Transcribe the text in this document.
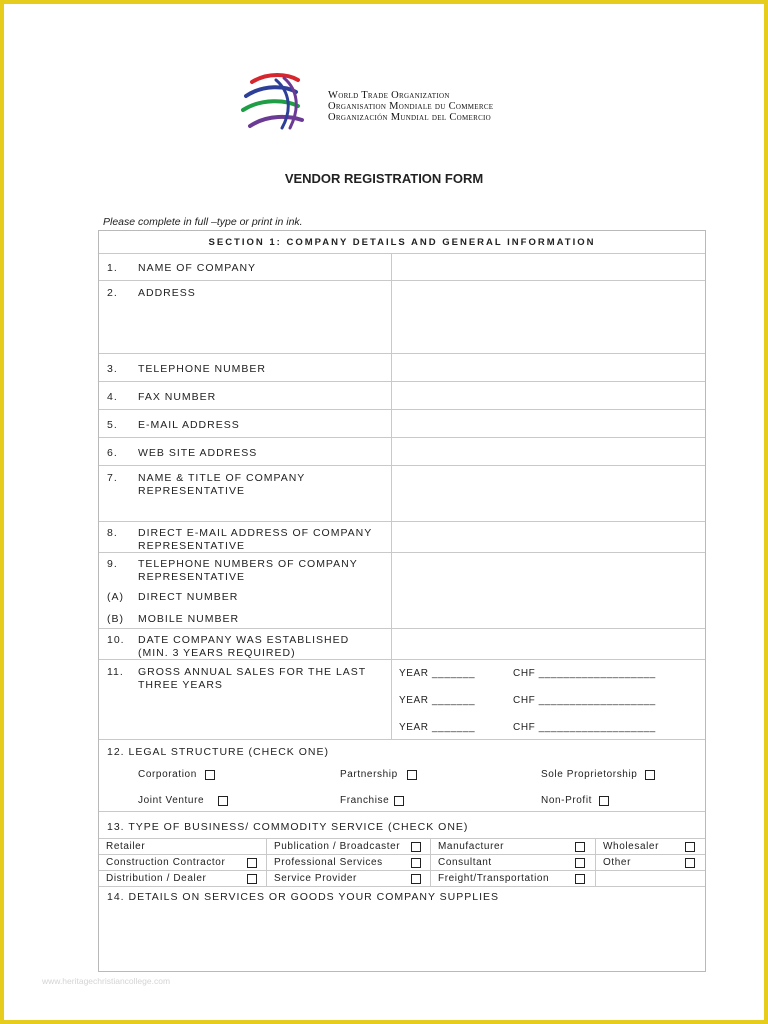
World Trade Organization
Organisation Mondiale du Commerce
Organización Mundial del Comercio
VENDOR REGISTRATION FORM
Please complete in full –type or print in ink.
SECTION 1: COMPANY DETAILS AND GENERAL INFORMATION
1. NAME OF COMPANY
2. ADDRESS
3. TELEPHONE NUMBER
4. FAX NUMBER
5. E-MAIL ADDRESS
6. WEB SITE ADDRESS
7. NAME & TITLE OF COMPANY
REPRESENTATIVE
8. DIRECT E-MAIL ADDRESS OF COMPANY
REPRESENTATIVE
9. TELEPHONE NUMBERS OF COMPANY
REPRESENTATIVE
(A) DIRECT NUMBER
(B) MOBILE NUMBER
10. DATE COMPANY WAS ESTABLISHED
(MIN. 3 YEARS REQUIRED)
11. GROSS ANNUAL SALES FOR THE LAST
THREE YEARS
YEAR _______	CHF ___________________
YEAR _______	CHF ___________________
YEAR _______	CHF ___________________
12. LEGAL STRUCTURE (CHECK ONE)
Corporation	Partnership	Sole Proprietorship
Joint Venture	Franchise	Non-Profit
13. TYPE OF BUSINESS/ COMMODITY SERVICE (CHECK ONE)
Retailer	Publication / Broadcaster	Manufacturer	Wholesaler
Construction Contractor	Professional Services	Consultant	Other
Distribution / Dealer	Service Provider	Freight/Transportation
14. DETAILS ON SERVICES OR GOODS YOUR COMPANY SUPPLIES
www.heritagechristiancollege.com
